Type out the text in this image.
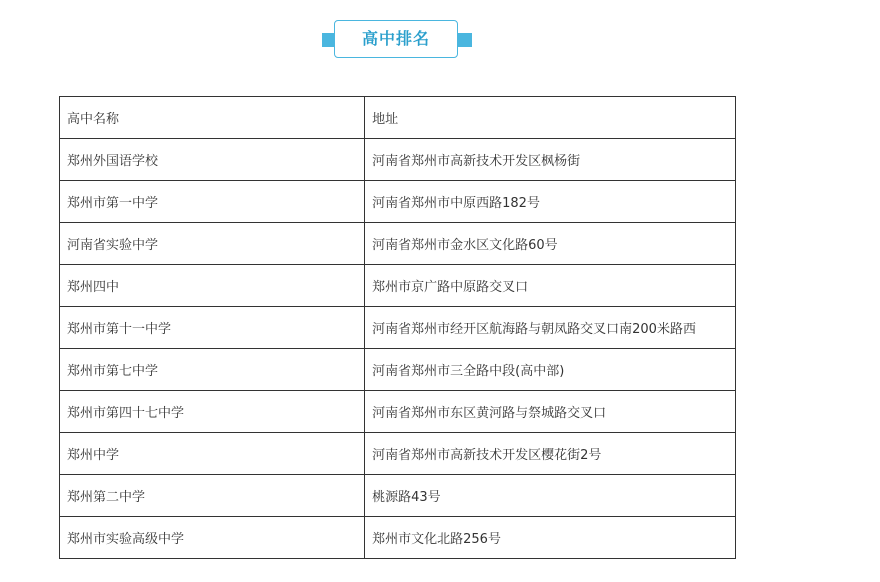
高中排名
高中名称	地址
郑州外国语学校	河南省郑州市高新技术开发区枫杨街
郑州市第一中学	河南省郑州市中原西路182号
河南省实验中学	河南省郑州市金水区文化路60号
郑州四中	郑州市京广路中原路交叉口
郑州市第十一中学	河南省郑州市经开区航海路与朝凤路交叉口南200米路西
郑州市第七中学	河南省郑州市三全路中段(高中部)
郑州市第四十七中学	河南省郑州市东区黄河路与祭城路交叉口
郑州中学	河南省郑州市高新技术开发区樱花街2号
郑州第二中学	桃源路43号
郑州市实验高级中学	郑州市文化北路256号
